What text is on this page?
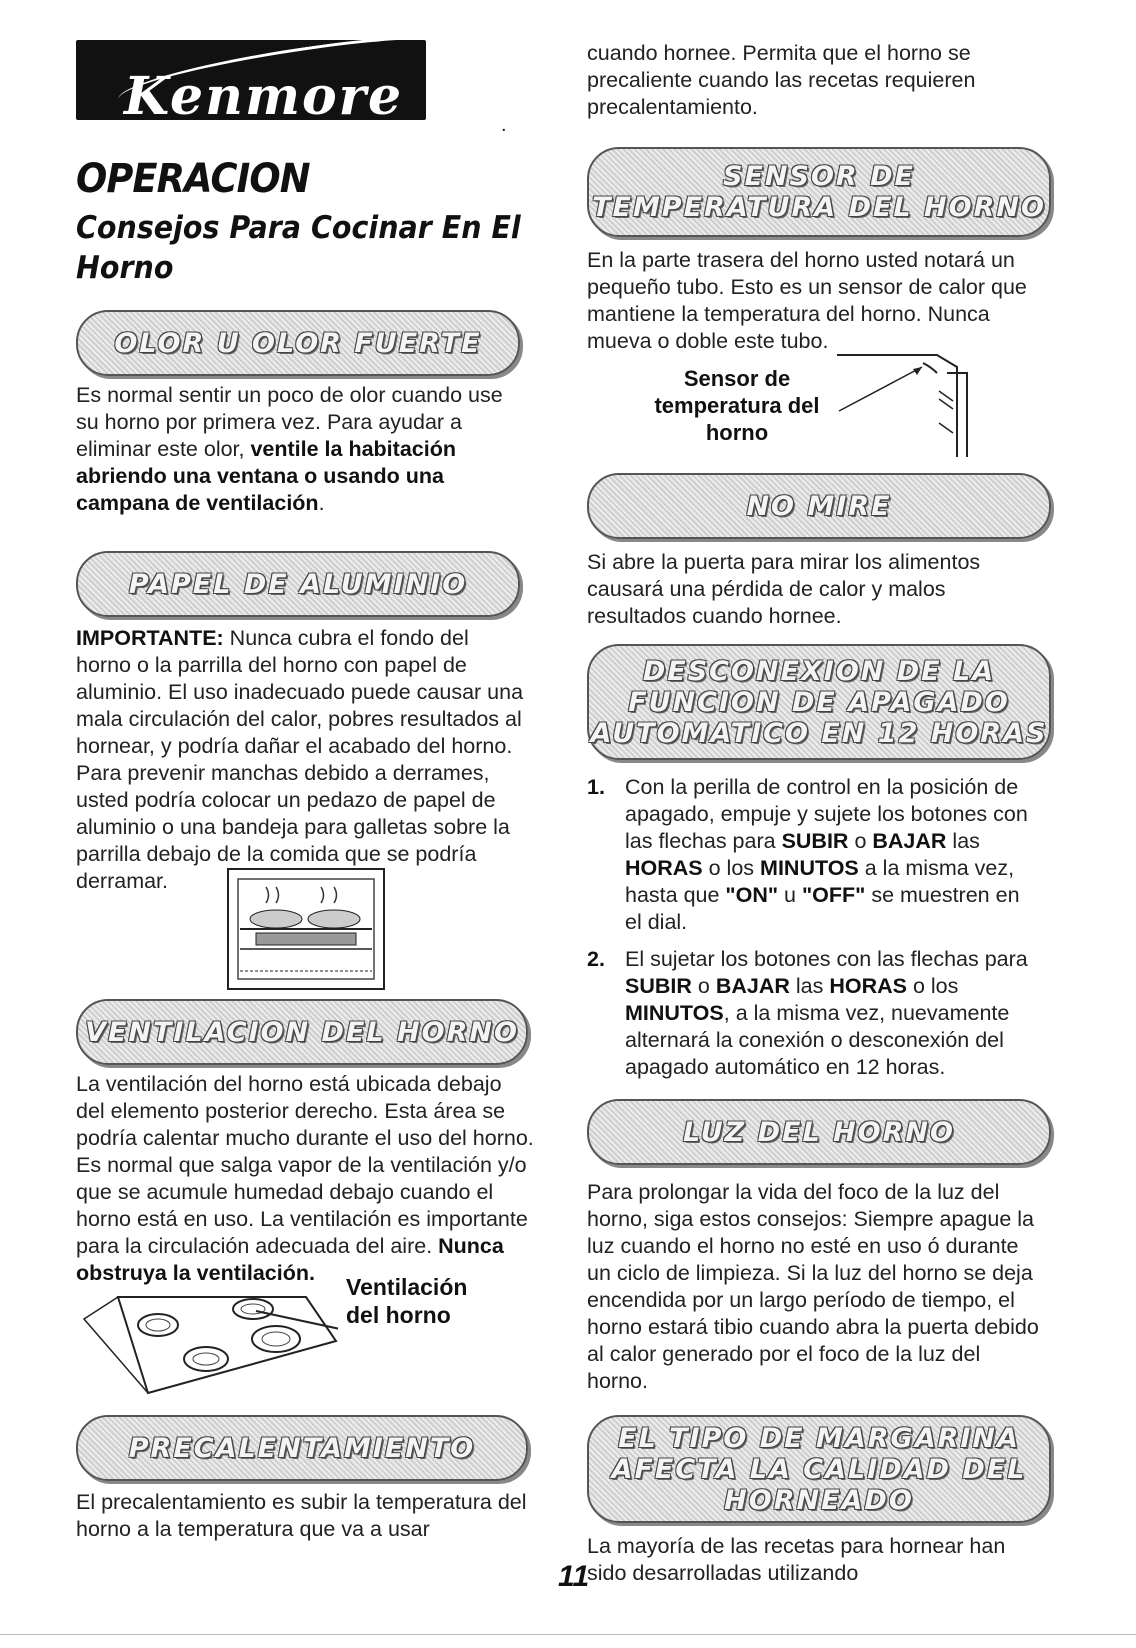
Kenmore	.
OPERACION
Consejos Para Cocinar En El Horno
OLOR U OLOR FUERTE

Es normal sentir un poco de olor cuando use su horno por primera vez. Para ayudar a eliminar este olor, ventile la habitación abriendo una ventana o usando una campana de ventilación.

PAPEL DE ALUMINIO

IMPORTANTE: Nunca cubra el fondo del horno o la parrilla del horno con papel de aluminio. El uso inadecuado puede causar una mala circulación del calor, pobres resultados al hornear, y podría dañar el acabado del horno. Para prevenir manchas debido a derrames, usted podría colocar un pedazo de papel de aluminio o una bandeja para galletas sobre la parrilla debajo de la comida que se podría derramar.

VENTILACION DEL HORNO

La ventilación del horno está ubicada debajo del elemento posterior derecho. Esta área se podría calentar mucho durante el uso del horno. Es normal que salga vapor de la ventilación y/o que se acumule humedad debajo cuando el horno está en uso. La ventilación es importante para la circulación adecuada del aire. Nunca obstruya la ventilación.

Ventilación
del horno
PRECALENTAMIENTO

El precalentamiento es subir la temperatura del horno a la temperatura que va a usar

cuando hornee. Permita que el horno se precaliente cuando las recetas requieren precalentamiento.

SENSOR DE
TEMPERATURA DEL HORNO

En la parte trasera del horno usted notará un pequeño tubo. Esto es un sensor de calor que mantiene la temperatura del horno. Nunca mueva o doble este tubo.

Sensor de
temperatura del
horno
NO MIRE

Si abre la puerta para mirar los alimentos causará una pérdida de calor y malos resultados cuando hornee.

DESCONEXION DE LA
FUNCION DE APAGADO
AUTOMATICO EN 12 HORAS
1. Con la perilla de control en la posición de apagado, empuje y sujete los botones con las flechas para SUBIR o BAJAR las HORAS o los MINUTOS a la misma vez, hasta que "ON" u "OFF" se muestren en el dial.
2. El sujetar los botones con las flechas para SUBIR o BAJAR las HORAS o los MINUTOS, a la misma vez, nuevamente alternará la conexión o desconexión del apagado automático en 12 horas.
LUZ DEL HORNO

Para prolongar la vida del foco de la luz del horno, siga estos consejos: Siempre apague la luz cuando el horno no esté en uso ó durante un ciclo de limpieza. Si la luz del horno se deja encendida por un largo período de tiempo, el horno estará tibio cuando abra la puerta debido al calor generado por el foco de la luz del horno.

EL TIPO DE MARGARINA
AFECTA LA CALIDAD DEL
HORNEADO

La mayoría de las recetas para hornear han sido desarrolladas utilizando

11
